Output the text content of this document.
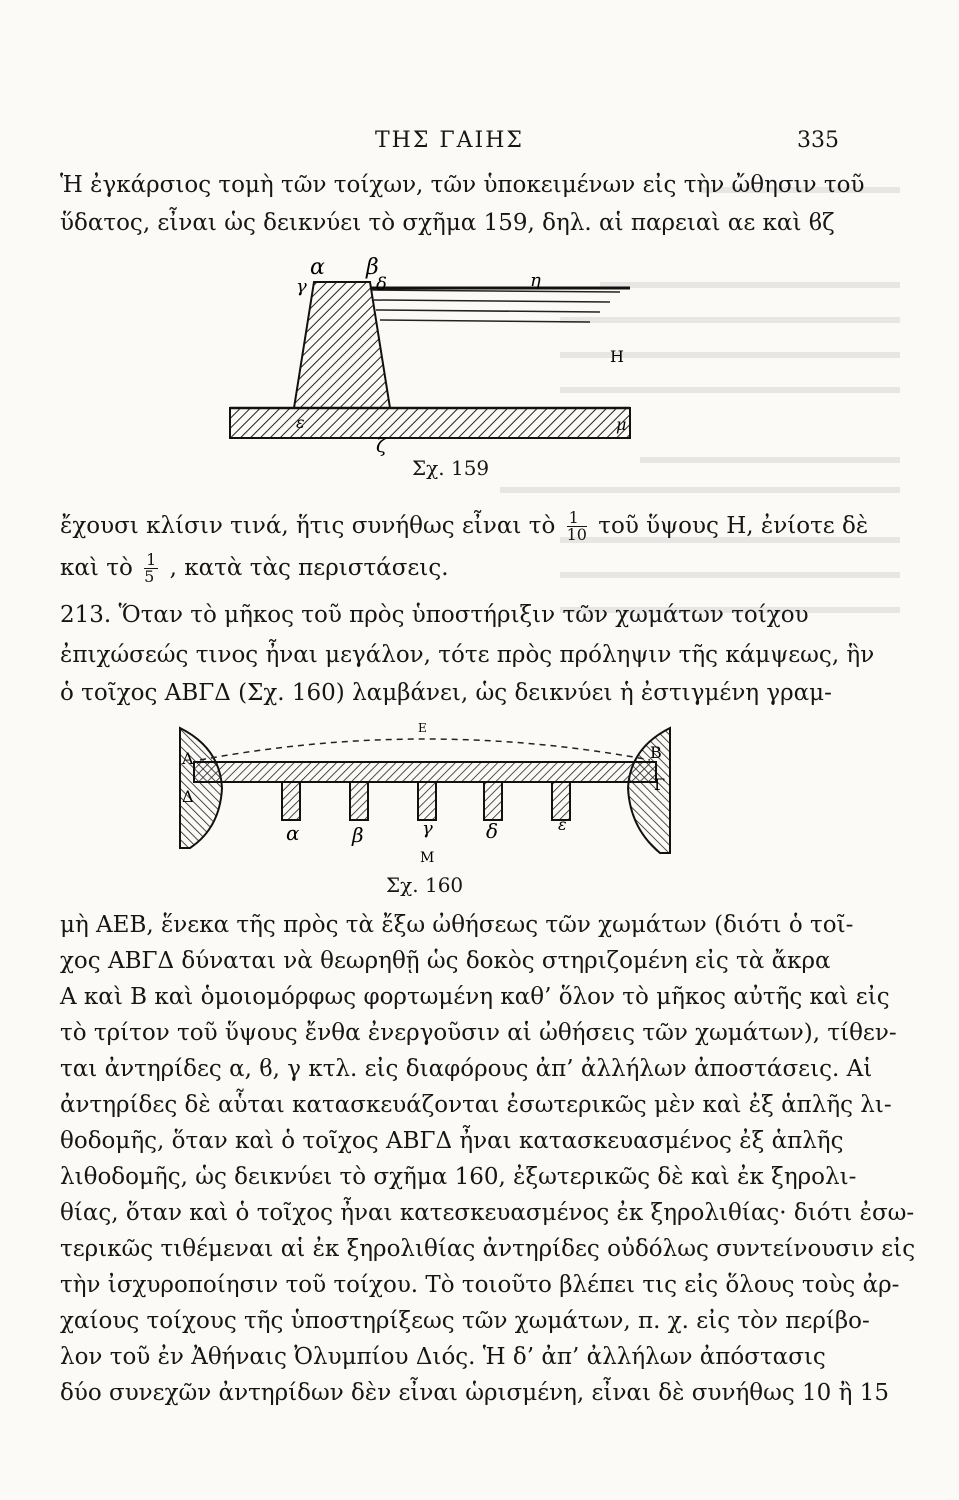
ΤΗΣ ΓΑΙΗΣ	335
Ἡ ἐγκάρσιος τομὴ τῶν τοίχων, τῶν ὑποκειμένων εἰς τὴν ὤθησιν τοῦ
ὕδατος, εἶναι ὡς δεικνύει τὸ σχῆμα 159, δηλ. αἱ παρειαὶ αε καὶ ϐζ
α β
γ	δ	η
Η
ε
ζ
μ
Σχ. 159
ἔχουσι κλίσιν τινά, ἥτις συνήθως εἶναι τὸ $\frac{1}{10}$ τοῦ ὕψους Η, ἐνίοτε δὲ
καὶ τὸ $\frac{1}{5}$ , κατὰ τὰς περιστάσεις.
213. Ὅταν τὸ μῆκος τοῦ πρὸς ὑποστήριξιν τῶν χωμάτων τοίχου
ἐπιχώσεώς τινος ἦναι μεγάλον, τότε πρὸς πρόληψιν τῆς κάμψεως, ἣν
ὁ τοῖχος ΑΒΓΔ (Σχ. 160) λαμβάνει, ὡς δεικνύει ἡ ἐστιγμένη γραμ-
Α	Β
Γ
Δ
Ε
α	β	γ	δ	ε
Μ
Σχ. 160
μὴ ΑΕΒ, ἕνεκα τῆς πρὸς τὰ ἔξω ὠθήσεως τῶν χωμάτων (διότι ὁ τοῖ-
χος ΑΒΓΔ δύναται νὰ θεωρηθῇ ὡς δοκὸς στηριζομένη εἰς τὰ ἄκρα
Α καὶ Β καὶ ὁμοιομόρφως φορτωμένη καθ’ ὅλον τὸ μῆκος αὐτῆς καὶ εἰς
τὸ τρίτον τοῦ ὕψους ἔνθα ἐνεργοῦσιν αἱ ὠθήσεις τῶν χωμάτων), τίθεν-
ται ἀντηρίδες α, ϐ, γ κτλ. εἰς διαφόρους ἀπ’ ἀλλήλων ἀποστάσεις. Αἱ
ἀντηρίδες δὲ αὗται κατασκευάζονται ἐσωτερικῶς μὲν καὶ ἐξ ἁπλῆς λι-
θοδομῆς, ὅταν καὶ ὁ τοῖχος ΑΒΓΔ ἦναι κατασκευασμένος ἐξ ἁπλῆς
λιθοδομῆς, ὡς δεικνύει τὸ σχῆμα 160, ἐξωτερικῶς δὲ καὶ ἐκ ξηρολι-
θίας, ὅταν καὶ ὁ τοῖχος ἦναι κατεσκευασμένος ἐκ ξηρολιθίας· διότι ἐσω-
τερικῶς τιθέμεναι αἱ ἐκ ξηρολιθίας ἀντηρίδες οὐδόλως συντείνουσιν εἰς
τὴν ἰσχυροποίησιν τοῦ τοίχου. Τὸ τοιοῦτο βλέπει τις εἰς ὅλους τοὺς ἀρ-
χαίους τοίχους τῆς ὑποστηρίξεως τῶν χωμάτων, π. χ. εἰς τὸν περίβο-
λον τοῦ ἐν Ἀθήναις Ὀλυμπίου Διός. Ἡ δ’ ἀπ’ ἀλλήλων ἀπόστασις
δύο συνεχῶν ἀντηρίδων δὲν εἶναι ὡρισμένη, εἶναι δὲ συνήθως 10 ἢ 15
